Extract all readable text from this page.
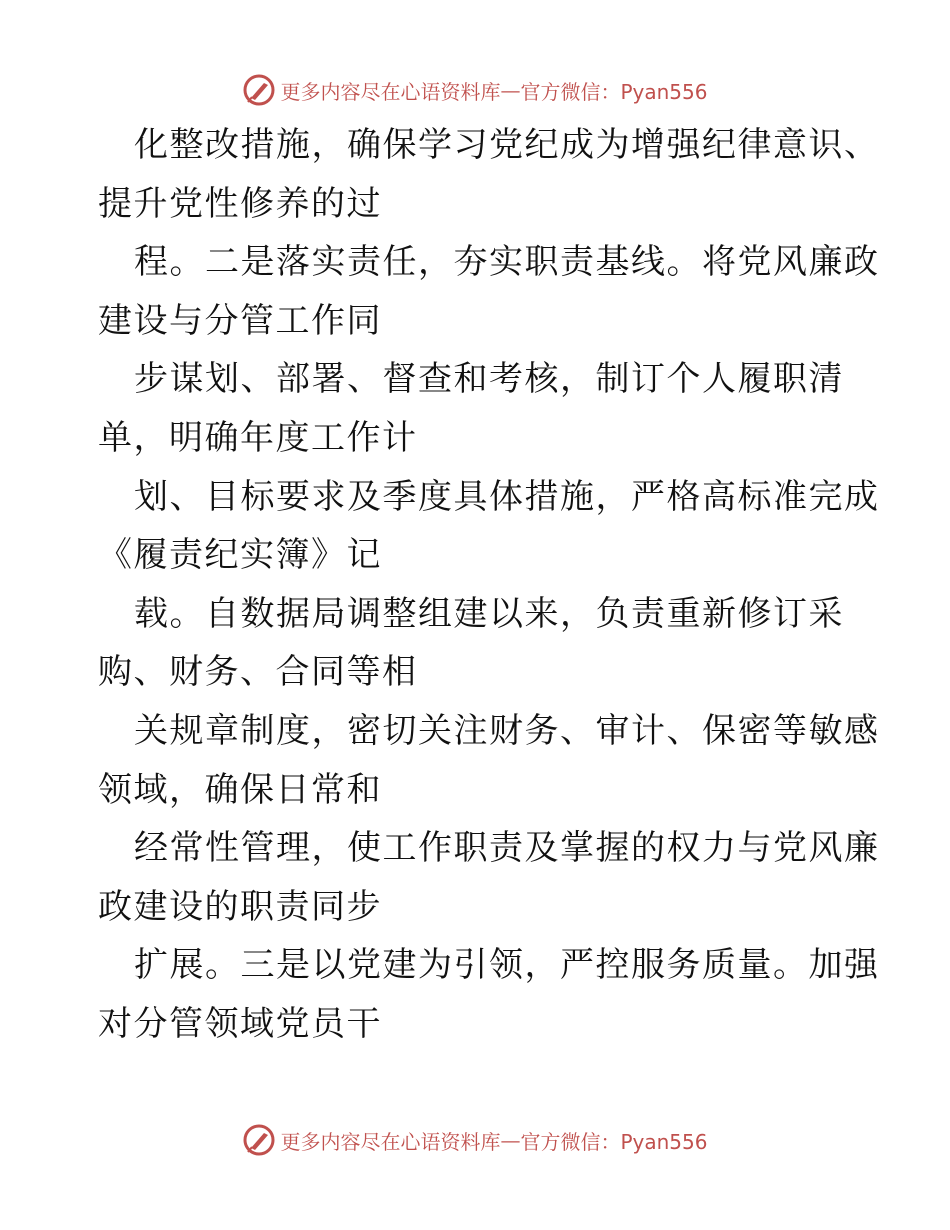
更多内容尽在心语资料库 — 官方微信：Pyan556
化整改措施，确保学习党纪成为增强纪律意识、
提升党性修养的过
程。二是落实责任，夯实职责基线。将党风廉政
建设与分管工作同
步谋划、部署、督查和考核，制订个人履职清
单，明确年度工作计
划、目标要求及季度具体措施，严格高标准完成
《履责纪实簿》记
载。自数据局调整组建以来，负责重新修订采
购、财务、合同等相
关规章制度，密切关注财务、审计、保密等敏感
领域，确保日常和
经常性管理，使工作职责及掌握的权力与党风廉
政建设的职责同步
扩展。三是以党建为引领，严控服务质量。加强
对分管领域党员干
更多内容尽在心语资料库 — 官方微信：Pyan556
